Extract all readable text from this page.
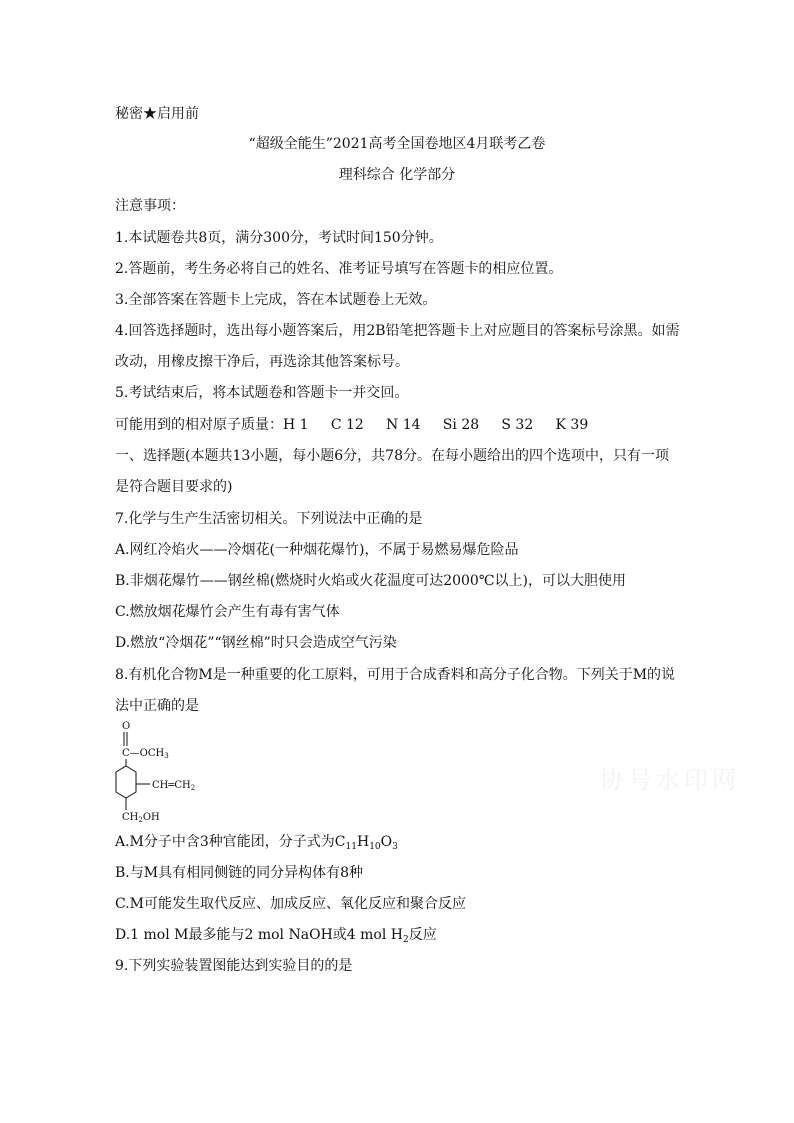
秘密★启用前
“超级全能生”2021高考全国卷地区4月联考乙卷
理科综合 化学部分
注意事项：
1.本试题卷共8页，满分300分，考试时间150分钟。
2.答题前，考生务必将自己的姓名、准考证号填写在答题卡的相应位置。
3.全部答案在答题卡上完成，答在本试题卷上无效。
4.回答选择题时，选出每小题答案后，用2B铅笔把答题卡上对应题目的答案标号涂黑。如需
改动，用橡皮擦干净后，再选涂其他答案标号。
5.考试结束后，将本试题卷和答题卡一并交回。
可能用到的相对原子质量：H 1     C 12     N 14     Si 28     S 32     K 39
一、选择题(本题共13小题，每小题6分，共78分。在每小题给出的四个选项中，只有一项
是符合题目要求的)
7.化学与生产生活密切相关。下列说法中正确的是
A.网红冷焰火——冷烟花(一种烟花爆竹)，不属于易燃易爆危险品
B.非烟花爆竹——钢丝棉(燃烧时火焰或火花温度可达2000℃以上)，可以大胆使用
C.燃放烟花爆竹会产生有毒有害气体
D.燃放“冷烟花”“钢丝棉”时只会造成空气污染
8.有机化合物M是一种重要的化工原料，可用于合成香料和高分子化合物。下列关于M的说
法中正确的是
O
$C—OCH_3$
$CH═CH_2$
$CH_2OH$
A.M分子中含3种官能团，分子式为$C_{11}H_{10}O_3$
B.与M具有相同侧链的同分异构体有8种
C.M可能发生取代反应、加成反应、氧化反应和聚合反应
D.1 mol M最多能与2 mol NaOH或4 mol $H_2$反应
9.下列实验装置图能达到实验目的的是
协号水印网
